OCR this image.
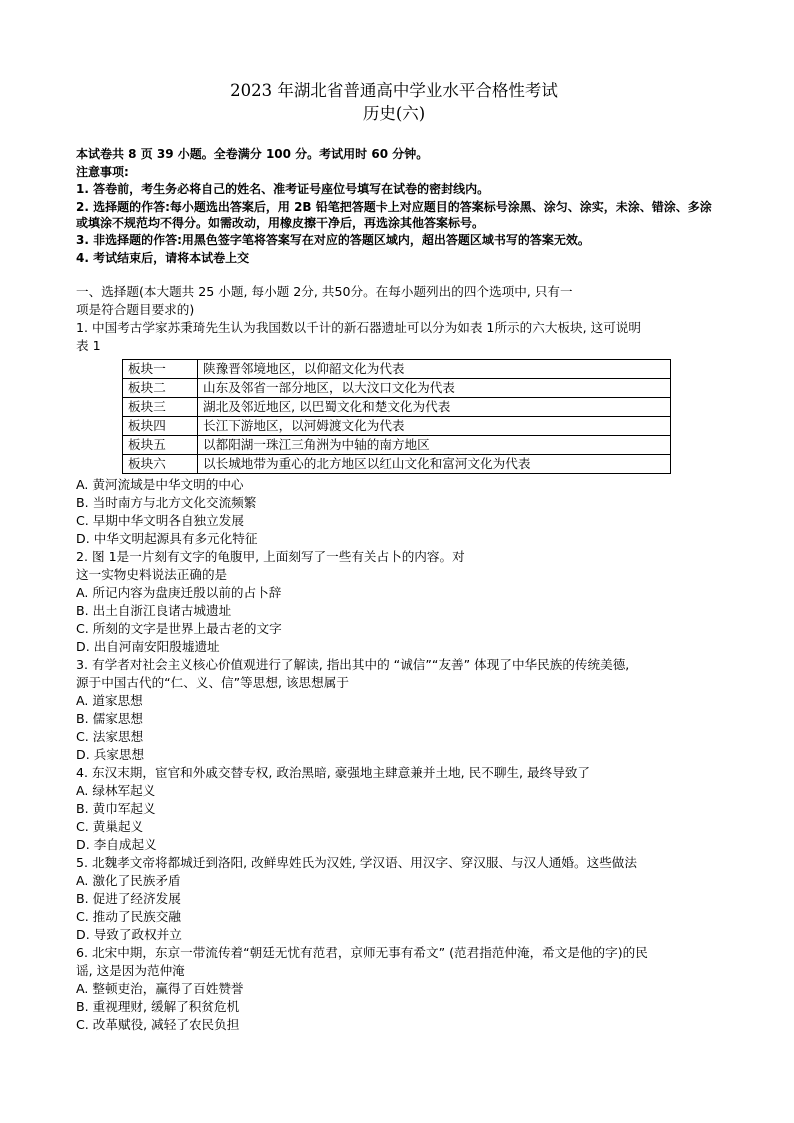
2023 年湖北省普通高中学业水平合格性考试
历史(六)
本试卷共 8 页 39 小题。全卷满分 100 分。考试用时 60 分钟。
注意事项:
1. 答卷前，考生务必将自己的姓名、准考证号座位号填写在试卷的密封线内。
2. 选择题的作答:每小题选出答案后，用 2B 铅笔把答题卡上对应题目的答案标号涂黑、涂匀、涂实，未涂、错涂、多涂或填涂不规范均不得分。如需改动，用橡皮擦干净后，再选涂其他答案标号。
3. 非选择题的作答:用黑色签字笔将答案写在对应的答题区域内，超出答题区域书写的答案无效。
4. 考试结束后，请将本试卷上交
一、选择题(本大题共 25 小题, 每小题 2分, 共50分。在每小题列出的四个选项中, 只有一
项是符合题目要求的)
1. 中国考古学家苏秉琦先生认为我国数以千计的新石器遗址可以分为如表 1所示的六大板块, 这可说明
表 1
板块一	陕豫晋邻境地区，以仰韶文化为代表
板块二	山东及邻省一部分地区，以大汶口文化为代表
板块三	湖北及邻近地区, 以巴蜀文化和楚文化为代表
板块四	长江下游地区，以河姆渡文化为代表
板块五	以都阳湖一珠江三角洲为中轴的南方地区
板块六	以长城地带为重心的北方地区以红山文化和富河文化为代表
A. 黄河流域是中华文明的中心
B. 当时南方与北方文化交流频繁
C. 早期中华文明各自独立发展
D. 中华文明起源具有多元化特征
2. 图 1是一片刻有文字的龟腹甲, 上面刻写了一些有关占卜的内容。对
这一实物史料说法正确的是
A. 所记内容为盘庚迁殷以前的占卜辞
B. 出土自浙江良诸古城遗址
C. 所刻的文字是世界上最古老的文字
D. 出自河南安阳殷墟遗址
3. 有学者对社会主义核心价值观进行了解读, 指出其中的 “诚信”“友善” 体现了中华民族的传统美德,
源于中国古代的“仁、义、信”等思想, 该思想属于
A. 道家思想
B. 儒家思想
C. 法家思想
D. 兵家思想
4. 东汉末期，宦官和外戚交替专权, 政治黑暗, 豪强地主肆意兼并土地, 民不聊生, 最终导致了
A. 绿林军起义
B. 黄巾军起义
C. 黄巢起义
D. 李自成起义
5. 北魏孝文帝将都城迁到洛阳, 改鲜卑姓氏为汉姓, 学汉语、用汉字、穿汉服、与汉人通婚。这些做法
A. 激化了民族矛盾
B. 促进了经济发展
C. 推动了民族交融
D. 导致了政权并立
6. 北宋中期，东京一带流传着“朝廷无忧有范君，京师无事有希文” (范君指范仲淹，希文是他的字)的民
谣, 这是因为范仲淹
A. 整顿吏治，赢得了百姓赞誉
B. 重视理财, 缓解了积贫危机
C. 改革赋役, 减轻了农民负担
